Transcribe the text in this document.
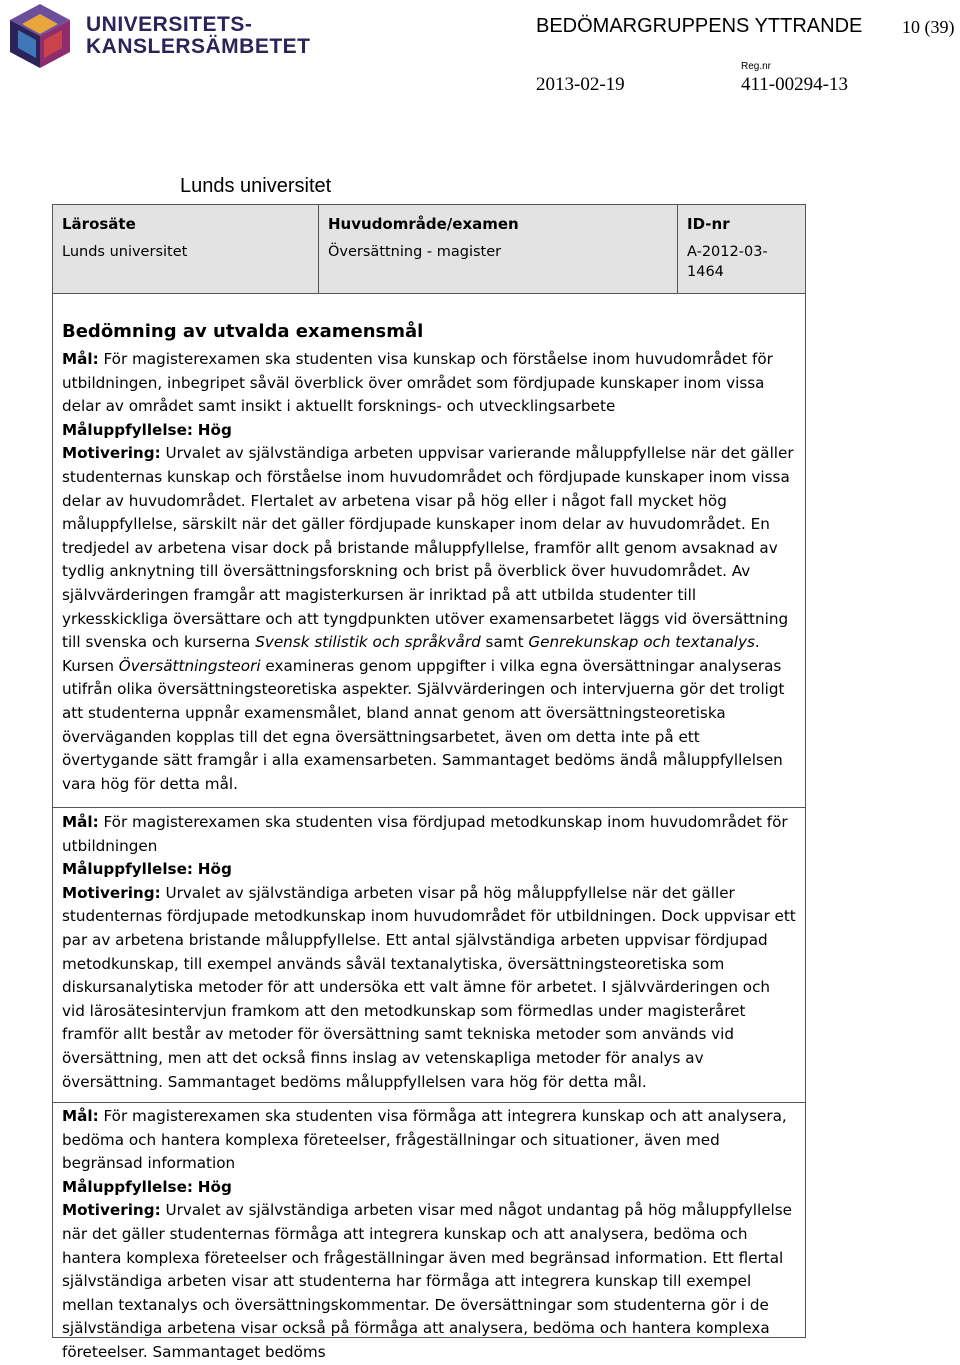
UNIVERSITETS-
KANSLERSÄMBETET
BEDÖMARGRUPPENS YTTRANDE 10 (39)
Reg.nr
2013-02-19	411-00294-13
Lunds universitet
Lärosäte
Lunds universitet
Huvudområde/examen
Översättning - magister
ID-nr
A-2012-03-1464

Bedömning av utvalda examensmål

Mål: För magisterexamen ska studenten visa kunskap och förståelse inom huvudområdet för utbildningen, inbegripet såväl överblick över området som fördjupade kunskaper inom vissa delar av området samt insikt i aktuellt forsknings- och utvecklingsarbete

Måluppfyllelse: Hög

Motivering: Urvalet av självständiga arbeten uppvisar varierande måluppfyllelse när det gäller studenternas kunskap och förståelse inom huvudområdet och fördjupade kunskaper inom vissa delar av huvudområdet. Flertalet av arbetena visar på hög eller i något fall mycket hög måluppfyllelse, särskilt när det gäller fördjupade kunskaper inom delar av huvudområdet. En tredjedel av arbetena visar dock på bristande måluppfyllelse, framför allt genom avsaknad av tydlig anknytning till översättningsforskning och brist på överblick över huvudområdet. Av självvärderingen framgår att magisterkursen är inriktad på att utbilda studenter till yrkesskickliga översättare och att tyngdpunkten utöver examensarbetet läggs vid översättning till svenska och kurserna Svensk stilistik och språkvård samt Genrekunskap och textanalys. Kursen Översättningsteori examineras genom uppgifter i vilka egna översättningar analyseras utifrån olika översättningsteoretiska aspekter. Självvärderingen och intervjuerna gör det troligt att studenterna uppnår examensmålet, bland annat genom att översättningsteoretiska överväganden kopplas till det egna översättningsarbetet, även om detta inte på ett övertygande sätt framgår i alla examensarbeten. Sammantaget bedöms ändå måluppfyllelsen vara hög för detta mål.

Mål: För magisterexamen ska studenten visa fördjupad metodkunskap inom huvudområdet för utbildningen

Måluppfyllelse: Hög

Motivering: Urvalet av självständiga arbeten visar på hög måluppfyllelse när det gäller studenternas fördjupade metodkunskap inom huvudområdet för utbildningen. Dock uppvisar ett par av arbetena bristande måluppfyllelse. Ett antal självständiga arbeten uppvisar fördjupad metodkunskap, till exempel används såväl textanalytiska, översättningsteoretiska som diskursanalytiska metoder för att undersöka ett valt ämne för arbetet. I självvärderingen och vid lärosätesintervjun framkom att den metodkunskap som förmedlas under magisteråret framför allt består av metoder för översättning samt tekniska metoder som används vid översättning, men att det också finns inslag av vetenskapliga metoder för analys av översättning. Sammantaget bedöms måluppfyllelsen vara hög för detta mål.

Mål: För magisterexamen ska studenten visa förmåga att integrera kunskap och att analysera, bedöma och hantera komplexa företeelser, frågeställningar och situationer, även med begränsad information

Måluppfyllelse: Hög

Motivering: Urvalet av självständiga arbeten visar med något undantag på hög måluppfyllelse när det gäller studenternas förmåga att integrera kunskap och att analysera, bedöma och hantera komplexa företeelser och frågeställningar även med begränsad information. Ett flertal självständiga arbeten visar att studenterna har förmåga att integrera kunskap till exempel mellan textanalys och översättningskommentar. De översättningar som studenterna gör i de självständiga arbetena visar också på förmåga att analysera, bedöma och hantera komplexa företeelser. Sammantaget bedöms
